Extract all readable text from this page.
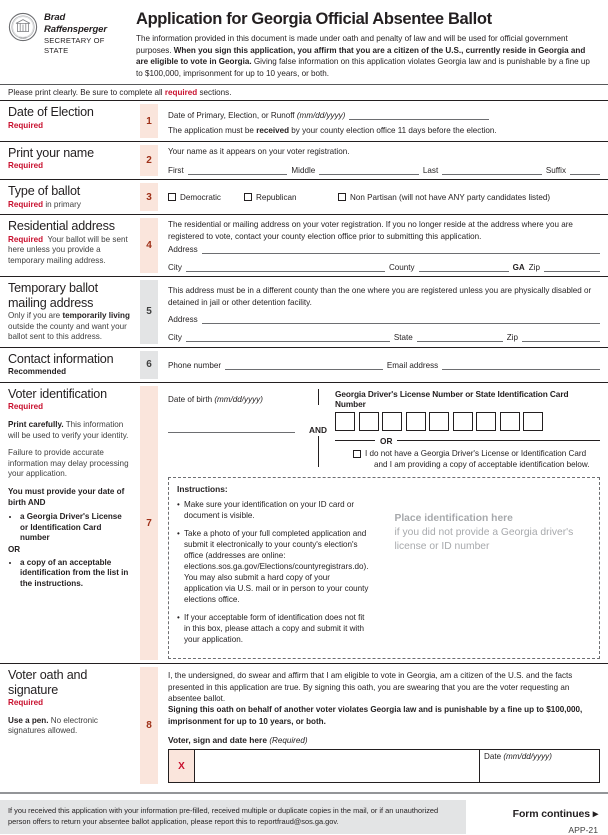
STATE
Brad Raffensperger
SECRETARY OF STATE
Application for Georgia Official Absentee Ballot

The information provided in this document is made under oath and penalty of law and will be used for official government purposes. When you sign this application, you affirm that you are a citizen of the U.S., currently reside in Georgia and are eligible to vote in Georgia. Giving false information on this application violates Georgia law and is punishable by a fine up to $100,000, imprisonment for up to 10 years, or both.

Please print clearly. Be sure to complete all required sections.
Date of Election
Required	1 Date of Primary, Election, or Runoff (mm/dd/yyyy)
The application must be received by your county election office 11 days before the election.
Print your name
Required	2
Your name as it appears on your voter registration.
First	Middle	Last	Suffix
Type of ballot
Required in primary
3	Democratic	Republican	Non Partisan (will not have ANY party candidates listed)
Residential address
Required Your ballot will be sent here unless you provide a temporary mailing address.
4
The residential or mailing address on your voter registration. If you no longer reside at the address where you are registered to vote, contact your county election office prior to submitting this application.
Address
City	County	GA Zip
Temporary ballot mailing address
Only if you are temporarily living outside the county and want your ballot sent to this address.
5
This address must be in a different county than the one where you are registered unless you are physically disabled or detained in jail or other detention facility.
Address
City	State	Zip
Contact information
Recommended
6 Phone number	Email address
Voter identification
Required
Print carefully. This information will be used to verify your identity.
Failure to provide accurate information may delay processing your application.
You must provide your date of birth AND
• a Georgia Driver's License or Identification Card number
OR
• a copy of an acceptable identification from the list in the instructions.
7
Date of birth (mm/dd/yyyy)
AND
Georgia Driver's License Number or State Identification Card Number
OR
I do not have a Georgia Driver's License or Identification Card
and I am providing a copy of acceptable identification below.
Instructions:
• Make sure your identification on your ID card or document is visible.
• Take a photo of your full completed application and submit it electronically to your county's election's office (addresses are online: elections.sos.ga.gov/Elections/countyregistrars.do). You may also submit a hard copy of your application via U.S. mail or in person to your county elections office.
• If your acceptable form of identification does not fit in this box, please attach a copy and submit it with your application.
Place identification here
if you did not provide a Georgia driver's license or ID number
Voter oath and signature
Required
Use a pen. No electronic signatures allowed.	8
I, the undersigned, do swear and affirm that I am eligible to vote in Georgia, am a citizen of the U.S. and the facts presented in this application are true. By signing this oath, you are swearing that you are the voter requesting an absentee ballot.
Signing this oath on behalf of another voter violates Georgia law and is punishable by a fine up to $100,000, imprisonment for up to 10 years, or both.
Voter, sign and date here (Required)
X
Date (mm/dd/yyyy)
If you received this application with your information pre-filled, received multiple or duplicate copies in the mail, or if an unauthorized person offers to return your absentee ballot application, please report this to reportfraud@sos.ga.gov.
Form continues ▸
APP-21
